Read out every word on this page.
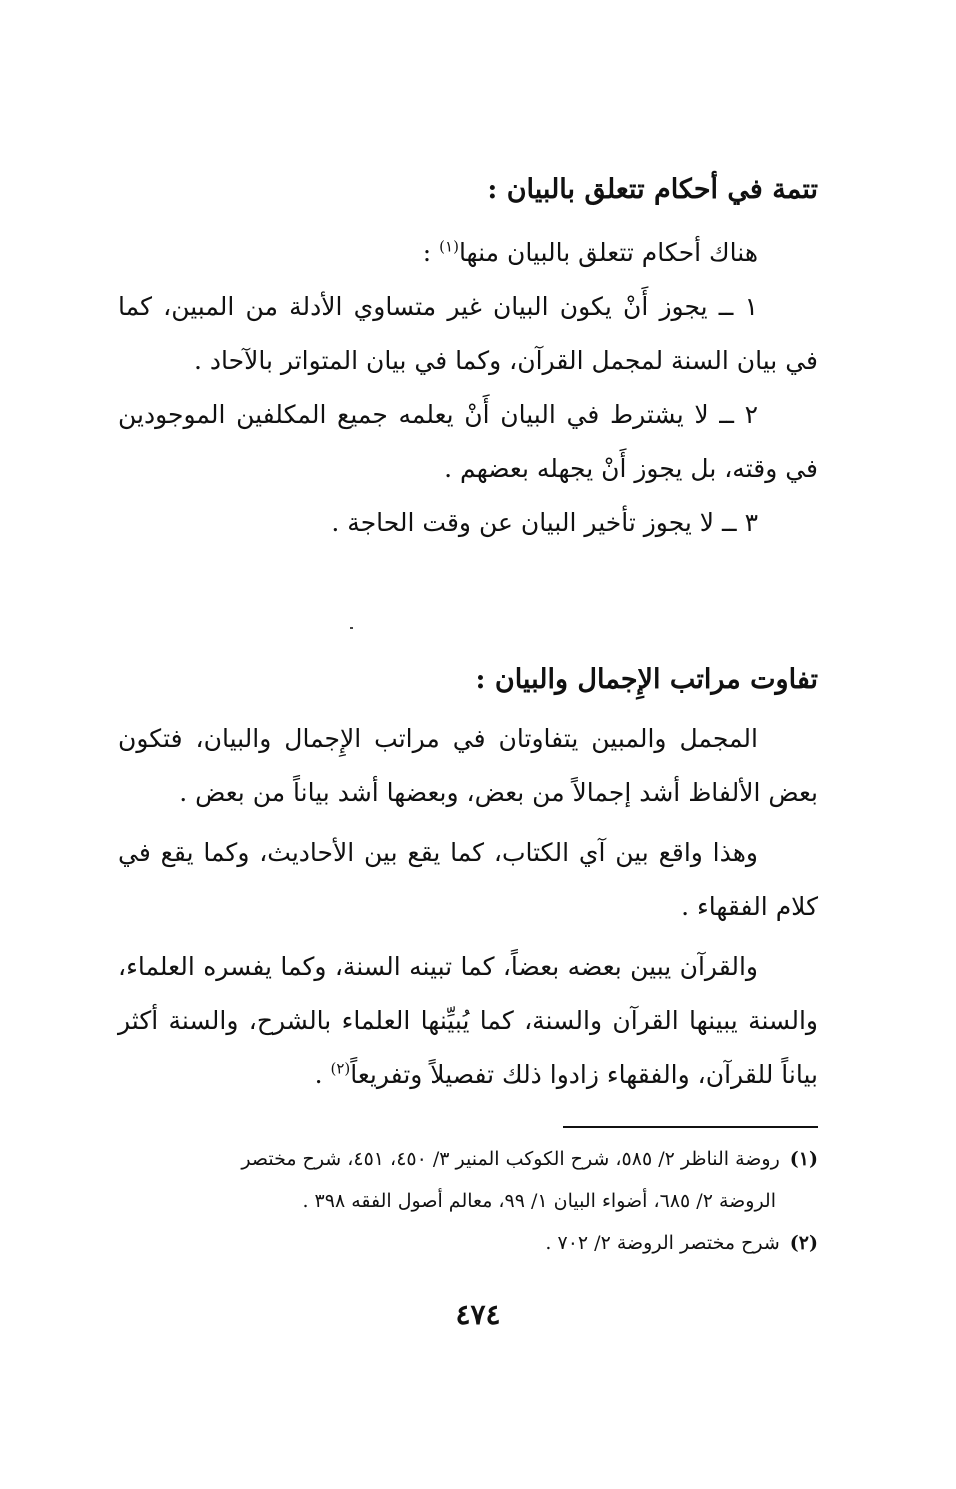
تتمة في أحكام تتعلق بالبيان :

هناك أحكام تتعلق بالبيان منها$^{(١)}$ :

١ ــ يجوز أَنْ يكون البيان غير متساوي الأدلة من المبين، كما في بيان السنة لمجمل القرآن، وكما في بيان المتواتر بالآحاد .

٢ ــ لا يشترط في البيان أَنْ يعلمه جميع المكلفين الموجودين في وقته، بل يجوز أَنْ يجهله بعضهم .

٣ ــ لا يجوز تأخير البيان عن وقت الحاجة .

تفاوت مراتب الإِجمال والبيان :

المجمل والمبين يتفاوتان في مراتب الإِجمال والبيان، فتكون بعض الألفاظ أشد إجمالاً من بعض، وبعضها أشد بياناً من بعض .

وهذا واقع بين آي الكتاب، كما يقع بين الأحاديث، وكما يقع في كلام الفقهاء .

والقرآن يبين بعضه بعضاً، كما تبينه السنة، وكما يفسره العلماء، والسنة يبينها القرآن والسنة، كما يُبيِّنها العلماء بالشرح، والسنة أكثر بياناً للقرآن، والفقهاء زادوا ذلك تفصيلاً وتفريعاً$^{(٢)}$ .

(١)روضة الناظر ٢/ ٥٨٥، شرح الكوكب المنير ٣/ ٤٥٠، ٤٥١، شرح مختصر

الروضة ٢/ ٦٨٥، أضواء البيان ١/ ٩٩، معالم أصول الفقه ٣٩٨ .

(٢)شرح مختصر الروضة ٢/ ٧٠٢ .

٤٧٤
